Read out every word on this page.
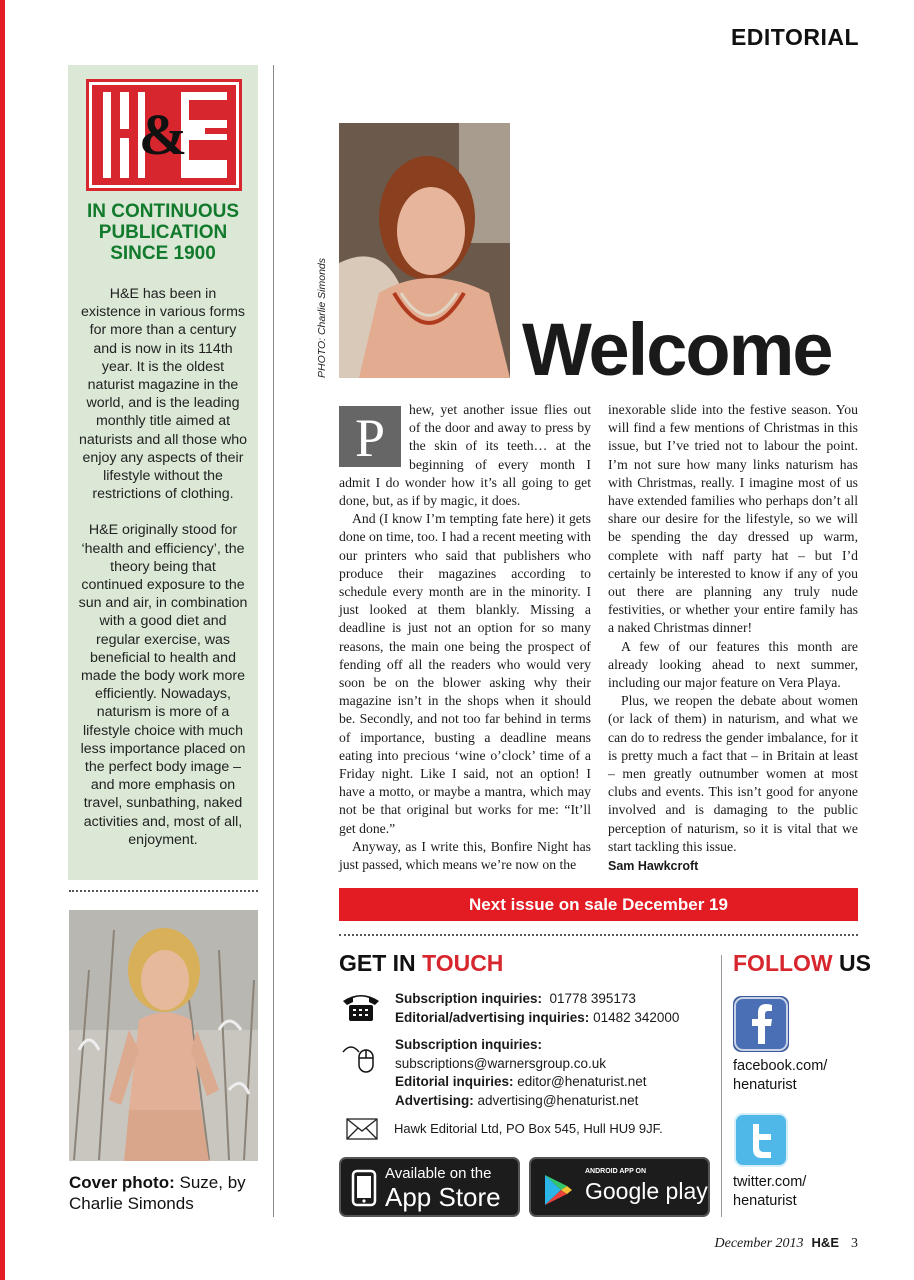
EDITORIAL
&
IN CONTINUOUS
PUBLICATION
SINCE 1900

H&E has been in existence in various forms for more than a century and is now in its 114th year. It is the oldest naturist magazine in the world, and is the leading monthly title aimed at naturists and all those who enjoy any aspects of their lifestyle without the restrictions of clothing.

H&E originally stood for ‘health and efficiency’, the theory being that continued exposure to the sun and air, in combination with a good diet and regular exercise, was beneficial to health and made the body work more efficiently. Nowadays, naturism is more of a lifestyle choice with much less importance placed on the perfect body image – and more emphasis on travel, sunbathing, naked activities and, most of all, enjoyment.

Cover photo: Suze, by Charlie Simonds
PHOTO: Charlie Simonds	Welcome
P	hew, yet another issue flies out of the door and away to press by the skin of its teeth… at the beginning of every month I admit I do wonder how it’s all going to get done, but, as if by magic, it does.

And (I know I’m tempting fate here) it gets done on time, too. I had a recent meeting with our printers who said that publishers who produce their magazines according to schedule every month are in the minority. I just looked at them blankly. Missing a deadline is just not an option for so many reasons, the main one being the prospect of fending off all the readers who would very soon be on the blower asking why their magazine isn’t in the shops when it should be. Secondly, and not too far behind in terms of importance, busting a deadline means eating into precious ‘wine o’clock’ time of a Friday night. Like I said, not an option! I have a motto, or maybe a mantra, which may not be that original but works for me: “It’ll get done.”

Anyway, as I write this, Bonfire Night has just passed, which means we’re now on the

inexorable slide into the festive season. You will find a few mentions of Christmas in this issue, but I’ve tried not to labour the point. I’m not sure how many links naturism has with Christmas, really. I imagine most of us have extended families who perhaps don’t all share our desire for the lifestyle, so we will be spending the day dressed up warm, complete with naff party hat – but I’d certainly be interested to know if any of you out there are planning any truly nude festivities, or whether your entire family has a naked Christmas dinner!

A few of our features this month are already looking ahead to next summer, including our major feature on Vera Playa.

Plus, we reopen the debate about women (or lack of them) in naturism, and what we can do to redress the gender imbalance, for it is pretty much a fact that – in Britain at least – men greatly outnumber women at most clubs and events. This isn’t good for anyone involved and is damaging to the public perception of naturism, so it is vital that we start tackling this issue.

Sam Hawkcroft
Next issue on sale December 19
GET IN TOUCH
Subscription inquiries: 01778 395173
Editorial/advertising inquiries: 01482 342000
Subscription inquiries:
subscriptions@warnersgroup.co.uk
Editorial inquiries: editor@henaturist.net
Advertising: advertising@henaturist.net
Hawk Editorial Ltd, PO Box 545, Hull HU9 9JF.
Available on the
App Store
ANDROID APP ON
Google play
FOLLOW US
facebook.com/
henaturist
twitter.com/
henaturist
December 2013 H&E 3
